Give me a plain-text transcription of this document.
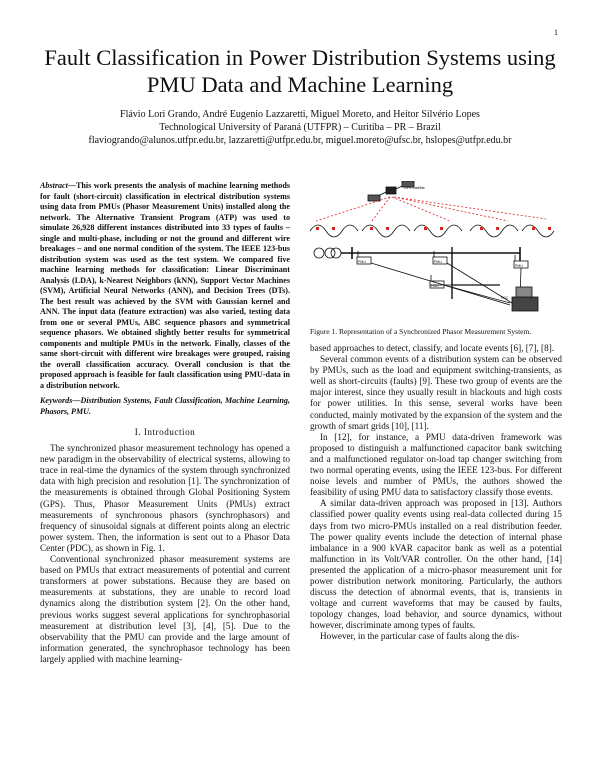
1
Fault Classification in Power Distribution Systems using PMU Data and Machine Learning
Flávio Lori Grando, André Eugenio Lazzaretti, Miguel Moreto, and Heitor Silvério Lopes
Technological University of Paraná (UTFPR) – Curitiba – PR – Brazil
flaviogrando@alunos.utfpr.edu.br, lazzaretti@utfpr.edu.br, miguel.moreto@ufsc.br, hslopes@utfpr.edu.br
Abstract—This work presents the analysis of machine learning methods for fault (short-circuit) classification in electrical distribution systems using data from PMUs (Phasor Measurement Units) installed along the network. The Alternative Transient Program (ATP) was used to simulate 26,928 different instances distributed into 33 types of faults – single and multi-phase, including or not the ground and different wire breakages – and one normal condition of the system. The IEEE 123-bus distribution system was used as the test system. We compared five machine learning methods for classification: Linear Discriminant Analysis (LDA), k-Nearest Neighbors (kNN), Support Vector Machines (SVM), Artificial Neural Networks (ANN), and Decision Trees (DTs). The best result was achieved by the SVM with Gaussian kernel and ANN. The input data (feature extraction) was also varied, testing data from one or several PMUs, ABC sequence phasors and symmetrical sequence phasors. We obtained slightly better results for symmetrical components and multiple PMUs in the network. Finally, classes of the same short-circuit with different wire breakages were grouped, raising the overall classification accuracy. Overall conclusion is that the proposed approach is feasible for fault classification using PMU-data in a distribution network.
Keywords—Distribution Systems, Fault Classification, Machine Learning, Phasors, PMU.
I. Introduction

The synchronized phasor measurement technology has opened a new paradigm in the observability of electrical systems, allowing to trace in real-time the dynamics of the system through synchronized data with high precision and resolution [1]. The synchronization of the measurements is obtained through Global Positioning System (GPS). Thus, Phasor Measurement Units (PMUs) extract measurements of synchronous phasors (synchrophasors) and frequency of sinusoidal signals at different points along an electric power system. Then, the information is sent out to a Phasor Data Center (PDC), as shown in Fig. 1.

Conventional synchronized phasor measurement systems are based on PMUs that extract measurements of potential and current transformers at power substations. Because they are based on measurements at substations, they are unable to record load dynamics along the distribution system [2]. On the other hand, previous works suggest several applications for synchrophasorial measurement at distribution level [3], [4], [5]. Due to the observability that the PMU can provide and the large amount of information generated, the synchrophasor technology has been largely applied with machine learning-

GPS Satellite
PMU	PMU
PMU
PMU
PDC
Figure 1. Representation of a Synchronized Phasor Measurement System.

based approaches to detect, classify, and locate events [6], [7], [8].

Several common events of a distribution system can be observed by PMUs, such as the load and equipment switching-transients, as well as short-circuits (faults) [9]. These two group of events are the major interest, since they usually result in blackouts and high costs for power utilities. In this sense, several works have been conducted, mainly motivated by the expansion of the system and the growth of smart grids [10], [11].

In [12], for instance, a PMU data-driven framework was proposed to distinguish a malfunctioned capacitor bank switching and a malfunctioned regulator on-load tap changer switching from two normal operating events, using the IEEE 123-bus. For different noise levels and number of PMUs, the authors showed the feasibility of using PMU data to satisfactory classify those events.

A similar data-driven approach was proposed in [13]. Authors classified power quality events using real-data collected during 15 days from two micro-PMUs installed on a real distribution feeder. The power quality events include the detection of internal phase imbalance in a 900 kVAR capacitor bank as well as a potential malfunction in its Volt/VAR controller. On the other hand, [14] presented the application of a micro-phasor measurement unit for power distribution network monitoring. Particularly, the authors discuss the detection of abnormal events, that is, transients in voltage and current waveforms that may be caused by faults, topology changes, load behavior, and source dynamics, without however, discriminate among types of faults.

However, in the particular case of faults along the dis-
